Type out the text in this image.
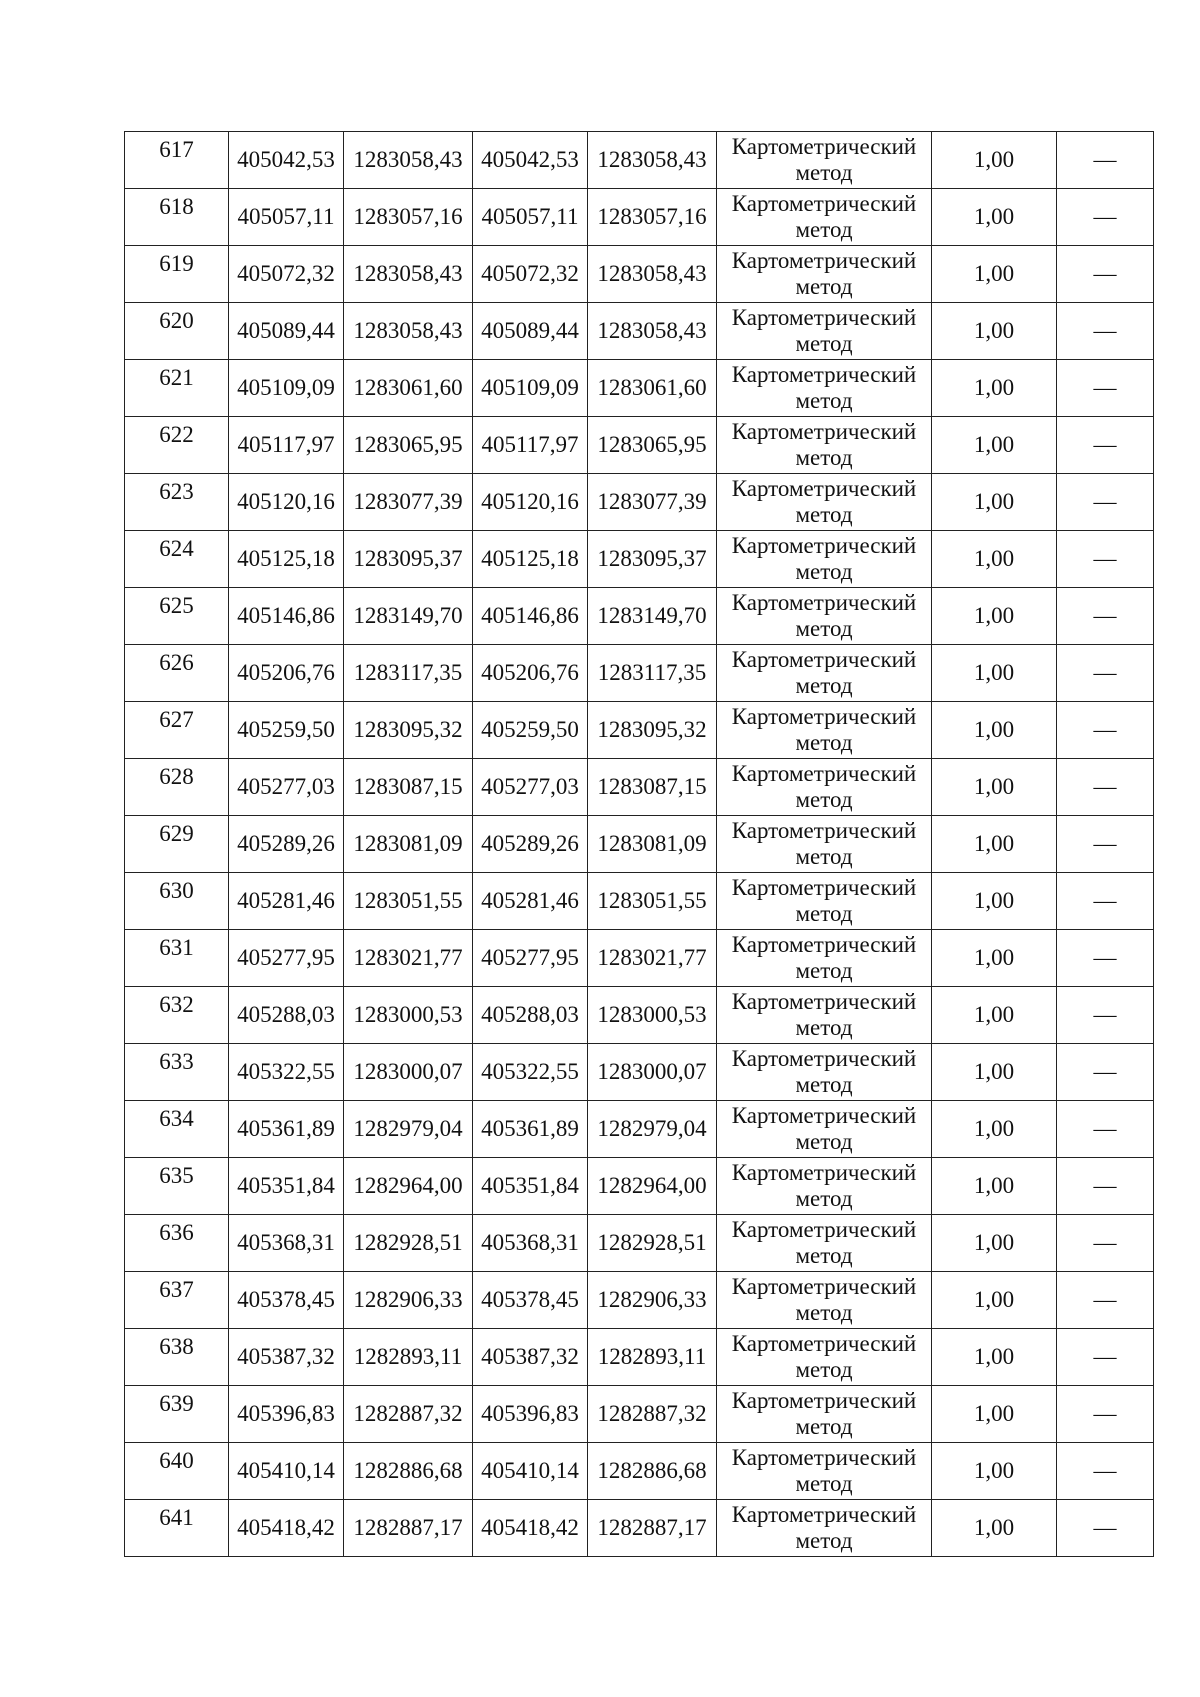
617	405042,53	1283058,43	405042,53	1283058,43	Картометрический
метод	1,00	—
618	405057,11	1283057,16	405057,11	1283057,16	Картометрический
метод	1,00	—
619	405072,32	1283058,43	405072,32	1283058,43	Картометрический
метод	1,00	—
620	405089,44	1283058,43	405089,44	1283058,43	Картометрический
метод	1,00	—
621	405109,09	1283061,60	405109,09	1283061,60	Картометрический
метод	1,00	—
622	405117,97	1283065,95	405117,97	1283065,95	Картометрический
метод	1,00	—
623	405120,16	1283077,39	405120,16	1283077,39	Картометрический
метод	1,00	—
624	405125,18	1283095,37	405125,18	1283095,37	Картометрический
метод	1,00	—
625	405146,86	1283149,70	405146,86	1283149,70	Картометрический
метод	1,00	—
626	405206,76	1283117,35	405206,76	1283117,35	Картометрический
метод	1,00	—
627	405259,50	1283095,32	405259,50	1283095,32	Картометрический
метод	1,00	—
628	405277,03	1283087,15	405277,03	1283087,15	Картометрический
метод	1,00	—
629	405289,26	1283081,09	405289,26	1283081,09	Картометрический
метод	1,00	—
630	405281,46	1283051,55	405281,46	1283051,55	Картометрический
метод	1,00	—
631	405277,95	1283021,77	405277,95	1283021,77	Картометрический
метод	1,00	—
632	405288,03	1283000,53	405288,03	1283000,53	Картометрический
метод	1,00	—
633	405322,55	1283000,07	405322,55	1283000,07	Картометрический
метод	1,00	—
634	405361,89	1282979,04	405361,89	1282979,04	Картометрический
метод	1,00	—
635	405351,84	1282964,00	405351,84	1282964,00	Картометрический
метод	1,00	—
636	405368,31	1282928,51	405368,31	1282928,51	Картометрический
метод	1,00	—
637	405378,45	1282906,33	405378,45	1282906,33	Картометрический
метод	1,00	—
638	405387,32	1282893,11	405387,32	1282893,11	Картометрический
метод	1,00	—
639	405396,83	1282887,32	405396,83	1282887,32	Картометрический
метод	1,00	—
640	405410,14	1282886,68	405410,14	1282886,68	Картометрический
метод	1,00	—
641	405418,42	1282887,17	405418,42	1282887,17	Картометрический
метод	1,00	—
